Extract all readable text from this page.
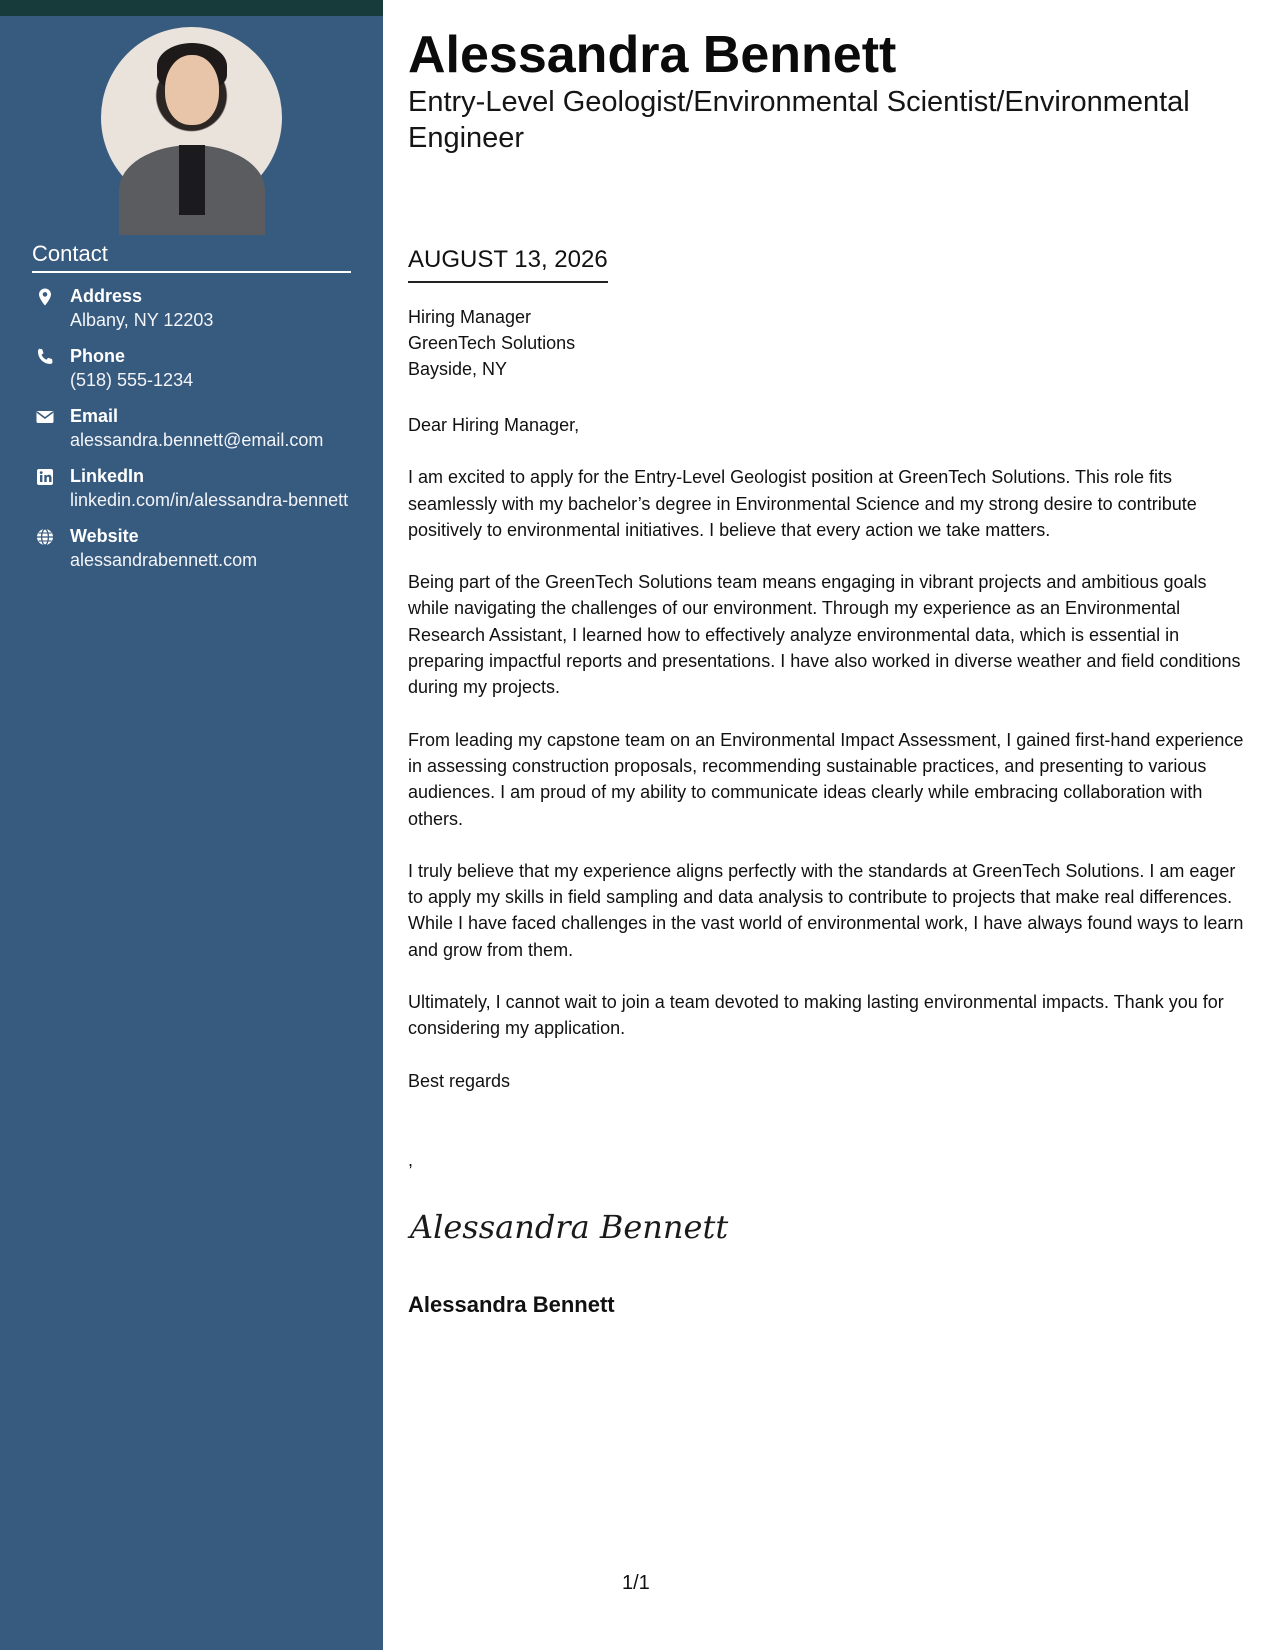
Contact
Address
Albany, NY 12203
Phone
(518) 555-1234
Email
alessandra.bennett@email.com
LinkedIn
linkedin.com/in/alessandra-bennett
Website
alessandrabennett.com
Alessandra Bennett
Entry-Level Geologist/Environmental Scientist/Environmental Engineer
AUGUST 13, 2026
Hiring Manager
GreenTech Solutions
Bayside, NY

Dear Hiring Manager,

I am excited to apply for the Entry-Level Geologist position at GreenTech Solutions. This role fits seamlessly with my bachelor’s degree in Environmental Science and my strong desire to contribute positively to environmental initiatives. I believe that every action we take matters.

Being part of the GreenTech Solutions team means engaging in vibrant projects and ambitious goals while navigating the challenges of our environment. Through my experience as an Environmental Research Assistant, I learned how to effectively analyze environmental data, which is essential in preparing impactful reports and presentations. I have also worked in diverse weather and field conditions during my projects.

From leading my capstone team on an Environmental Impact Assessment, I gained first-hand experience in assessing construction proposals, recommending sustainable practices, and presenting to various audiences. I am proud of my ability to communicate ideas clearly while embracing collaboration with others.

I truly believe that my experience aligns perfectly with the standards at GreenTech Solutions. I am eager to apply my skills in field sampling and data analysis to contribute to projects that make real differences. While I have faced challenges in the vast world of environmental work, I have always found ways to learn and grow from them.

Ultimately, I cannot wait to join a team devoted to making lasting environmental impacts. Thank you for considering my application.

Best regards

,
Alessandra Bennett
Alessandra Bennett
1/1
